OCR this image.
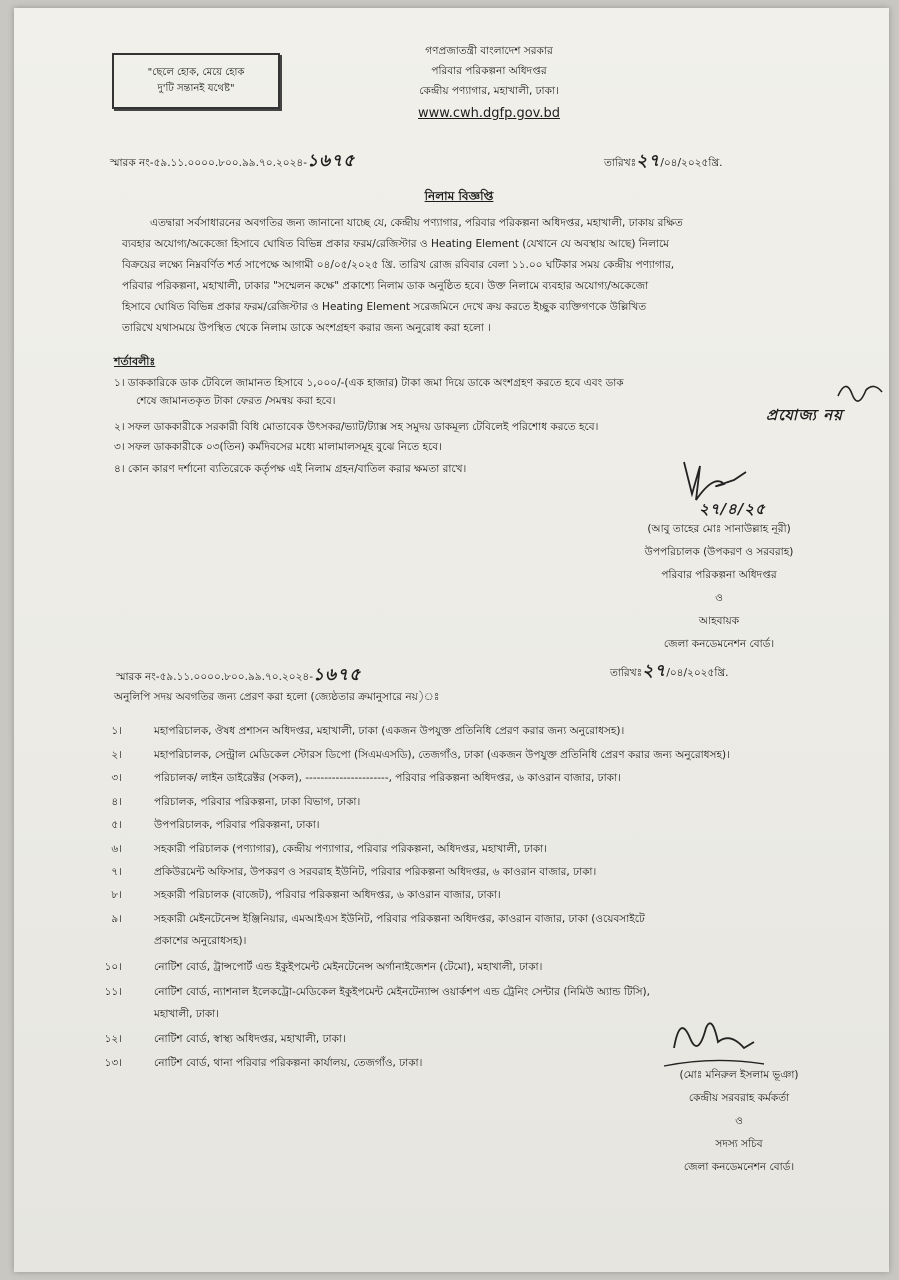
"ছেলে হোক, মেয়ে হোক
দু'টি সন্তানই যথেষ্ট"
গণপ্রজাতন্ত্রী বাংলাদেশ সরকার
পরিবার পরিকল্পনা অধিদপ্তর
কেন্দ্রীয় পণ্যাগার, মহাখালী, ঢাকা।
www.cwh.dgfp.gov.bd
স্মারক নং-৫৯.১১.০০০০.৮০০.৯৯.৭০.২০২৪-১৬৭৫	তারিখঃ২৭/০৪/২০২৫খ্রি.
নিলাম বিজ্ঞপ্তি
এতদ্বারা সর্বসাধারনের অবগতির জন্য জানানো যাচ্ছে যে, কেন্দ্রীয় পণ্যাগার, পরিবার পরিকল্পনা অধিদপ্তর, মহাখালী, ঢাকায় রক্ষিত
ব্যবহার অযোগ্য/অকেজো হিসাবে ঘোষিত বিভিন্ন প্রকার ফরম/রেজিস্টার ও Heating Element (যেখানে যে অবস্থায় আছে) নিলামে
বিক্রয়ের লক্ষ্যে নিম্নবর্ণিত শর্ত সাপেক্ষে আগামী ০৪/০৫/২০২৫ খ্রি. তারিখ রোজ রবিবার বেলা ১১.০০ ঘটিকার সময় কেন্দ্রীয় পণ্যাগার,
পরিবার পরিকল্পনা, মহাখালী, ঢাকার "সম্মেলন কক্ষে" প্রকাশ্যে নিলাম ডাক অনুষ্ঠিত হবে। উক্ত নিলামে ব্যবহার অযোগ্য/অকেজো
হিসাবে ঘোষিত বিভিন্ন প্রকার ফরম/রেজিস্টার ও Heating Element সরেজমিনে দেখে ক্রয় করতে ইচ্ছুক ব্যক্তিগণকে উল্লিখিত
তারিখে যথাসময়ে উপস্থিত থেকে নিলাম ডাকে অংশগ্রহণ করার জন্য অনুরোধ করা হলো ।
শর্তাবলীঃ
১। ডাককারিকে ডাক টেবিলে জামানত হিসাবে ১,০০০/-(এক হাজার) টাকা জমা দিয়ে ডাকে অংশগ্রহণ করতে হবে এবং ডাক
শেষে জামানতকৃত টাকা ফেরত /সমন্বয় করা হবে।
২। সফল ডাককারীকে সরকারী বিধি মোতাবেক উৎসকর/ভ্যাট/ট্যাক্স সহ সমুদয় ডাকমূল্য টেবিলেই পরিশোধ করতে হবে।
৩। সফল ডাককারীকে ০৩(তিন) কর্মদিবসের মধ্যে মালামালসমূহ বুঝে নিতে হবে।
৪। কোন কারণ দর্শানো ব্যতিরেকে কর্তৃপক্ষ এই নিলাম গ্রহন/বাতিল করার ক্ষমতা রাখে।
প্রযোজ্য নয়
২৭/৪/২৫
(আবু তাহের মোঃ সানাউল্লাহ নূরী)
উপপরিচালক (উপকরণ ও সরবরাহ)
পরিবার পরিকল্পনা অধিদপ্তর
ও
আহবায়ক
জেলা কনডেমনেশন বোর্ড।
স্মারক নং-৫৯.১১.০০০০.৮০০.৯৯.৭০.২০২৪-১৬৭৫	তারিখঃ২৭/০৪/২০২৫খ্রি.
অনুলিপি সদয় অবগতির জন্য প্রেরণ করা হলো (জ্যেষ্ঠতার ক্রমানুসারে নয়)ঃ
১।	মহাপরিচালক, ঔষধ প্রশাসন অধিদপ্তর, মহাখালী, ঢাকা (একজন উপযুক্ত প্রতিনিধি প্রেরণ করার জন্য অনুরোধসহ)।
২।	মহাপরিচালক, সেন্ট্রাল মেডিকেল স্টোরস ডিপো (সিএমএসডি), তেজগাঁও, ঢাকা (একজন উপযুক্ত প্রতিনিধি প্রেরণ করার জন্য অনুরোধসহ)।
৩।	পরিচালক/ লাইন ডাইরেক্টর (সকল), ----------------------, পরিবার পরিকল্পনা অধিদপ্তর, ৬ কাওরান বাজার, ঢাকা।
৪।	পরিচালক, পরিবার পরিকল্পনা, ঢাকা বিভাগ, ঢাকা।
৫।	উপপরিচালক, পরিবার পরিকল্পনা, ঢাকা।
৬।	সহকারী পরিচালক (পণ্যাগার), কেন্দ্রীয় পণ্যাগার, পরিবার পরিকল্পনা, অধিদপ্তর, মহাখালী, ঢাকা।
৭।	প্রকিউরমেন্ট অফিসার, উপকরণ ও সরবরাহ ইউনিট, পরিবার পরিকল্পনা অধিদপ্তর, ৬ কাওরান বাজার, ঢাকা।
৮।	সহকারী পরিচালক (বাজেট), পরিবার পরিকল্পনা অধিদপ্তর, ৬ কাওরান বাজার, ঢাকা।
৯।	সহকারী মেইনটেনেন্স ইঞ্জিনিয়ার, এমআইএস ইউনিট, পরিবার পরিকল্পনা অধিদপ্তর, কাওরান বাজার, ঢাকা (ওয়েবসাইটে
প্রকাশের অনুরোধসহ)।
১০।	নোটিশ বোর্ড, ট্রান্সপোর্ট এন্ড ইকুইপমেন্ট মেইনটেনেন্স অর্গানাইজেশন (টেমো), মহাখালী, ঢাকা।
১১।	নোটিশ বোর্ড, ন্যাশনাল ইলেকট্রো-মেডিকেল ইকুইপমেন্ট মেইনটেন্যান্স ওয়ার্কশপ এন্ড ট্রেনিং সেন্টার (নিমিউ অ্যান্ড টিসি),
মহাখালী, ঢাকা।
১২।	নোটিশ বোর্ড, স্বাস্থ্য অধিদপ্তর, মহাখালী, ঢাকা।
১৩।	নোটিশ বোর্ড, থানা পরিবার পরিকল্পনা কার্যালয়, তেজগাঁও, ঢাকা।
(মোঃ মনিরুল ইসলাম ভূঞা)
কেন্দ্রীয় সরবরাহ কর্মকর্তা
ও
সদস্য সচিব
জেলা কনডেমনেশন বোর্ড।
